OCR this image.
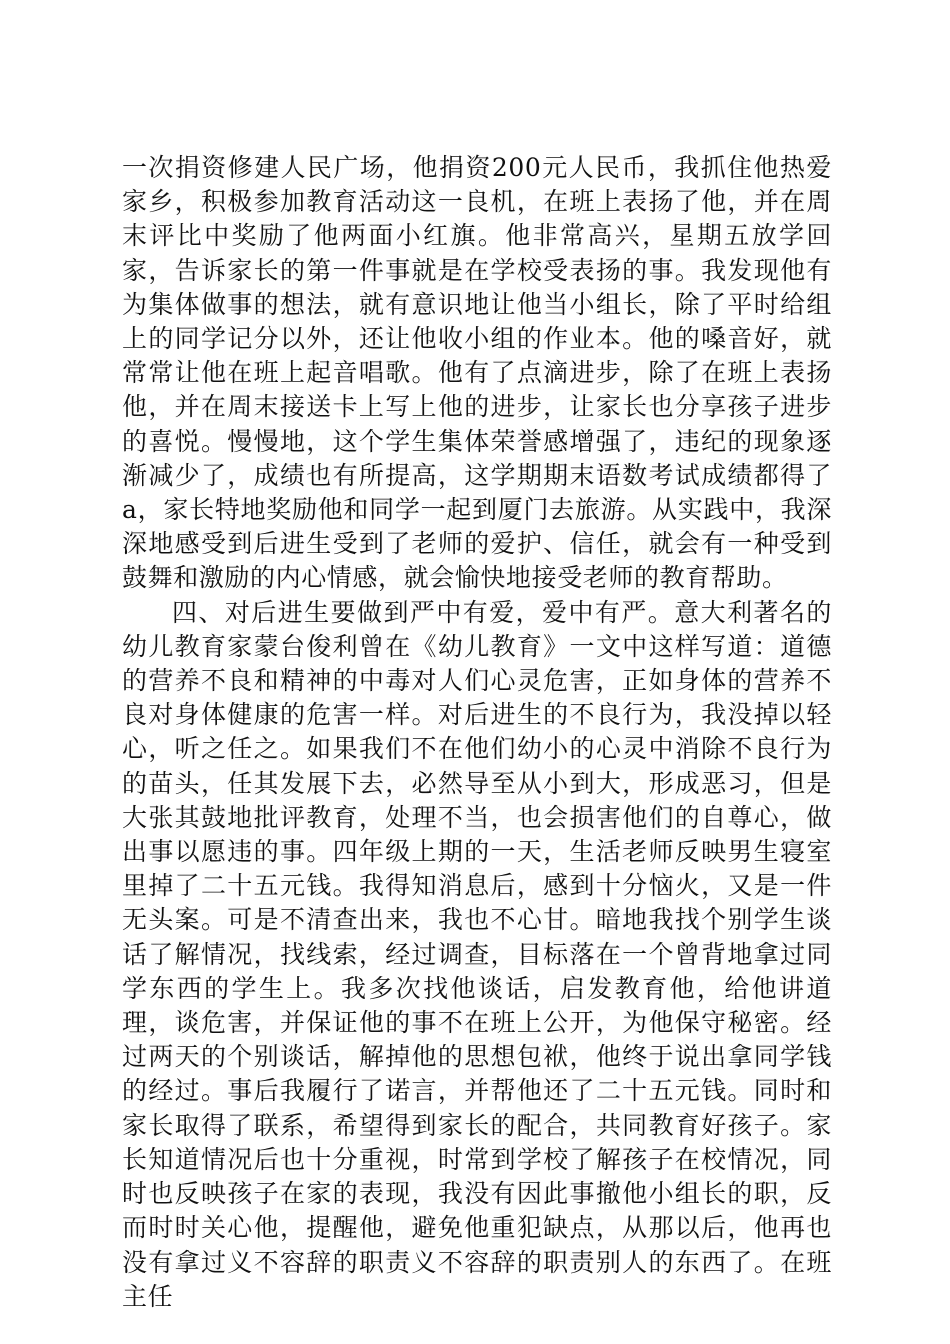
一次捐资修建人民广场，他捐资200元人民币，我抓住他热爱家乡，积极参加教育活动这一良机，在班上表扬了他，并在周末评比中奖励了他两面小红旗。他非常高兴，星期五放学回家，告诉家长的第一件事就是在学校受表扬的事。我发现他有为集体做事的想法，就有意识地让他当小组长，除了平时给组上的同学记分以外，还让他收小组的作业本。他的嗓音好，就常常让他在班上起音唱歌。他有了点滴进步，除了在班上表扬他，并在周末接送卡上写上他的进步，让家长也分享孩子进步的喜悦。慢慢地，这个学生集体荣誉感增强了，违纪的现象逐渐减少了，成绩也有所提高，这学期期末语数考试成绩都得了a，家长特地奖励他和同学一起到厦门去旅游。从实践中，我深深地感受到后进生受到了老师的爱护、信任，就会有一种受到鼓舞和激励的内心情感，就会愉快地接受老师的教育帮助。

四、对后进生要做到严中有爱，爱中有严。意大利著名的幼儿教育家蒙台俊利曾在《幼儿教育》一文中这样写道：道德的营养不良和精神的中毒对人们心灵危害，正如身体的营养不良对身体健康的危害一样。对后进生的不良行为，我没掉以轻心，听之任之。如果我们不在他们幼小的心灵中消除不良行为的苗头，任其发展下去，必然导至从小到大，形成恶习，但是大张其鼓地批评教育，处理不当，也会损害他们的自尊心，做出事以愿违的事。四年级上期的一天，生活老师反映男生寝室里掉了二十五元钱。我得知消息后，感到十分恼火，又是一件无头案。可是不清查出来，我也不心甘。暗地我找个别学生谈话了解情况，找线索，经过调查，目标落在一个曾背地拿过同学东西的学生上。我多次找他谈话，启发教育他，给他讲道理，谈危害，并保证他的事不在班上公开，为他保守秘密。经过两天的个别谈话，解掉他的思想包袱，他终于说出拿同学钱的经过。事后我履行了诺言，并帮他还了二十五元钱。同时和家长取得了联系，希望得到家长的配合，共同教育好孩子。家长知道情况后也十分重视，时常到学校了解孩子在校情况，同时也反映孩子在家的表现，我没有因此事撤他小组长的职，反而时时关心他，提醒他，避免他重犯缺点，从那以后，他再也没有拿过义不容辞的职责义不容辞的职责别人的东西了。在班主任
